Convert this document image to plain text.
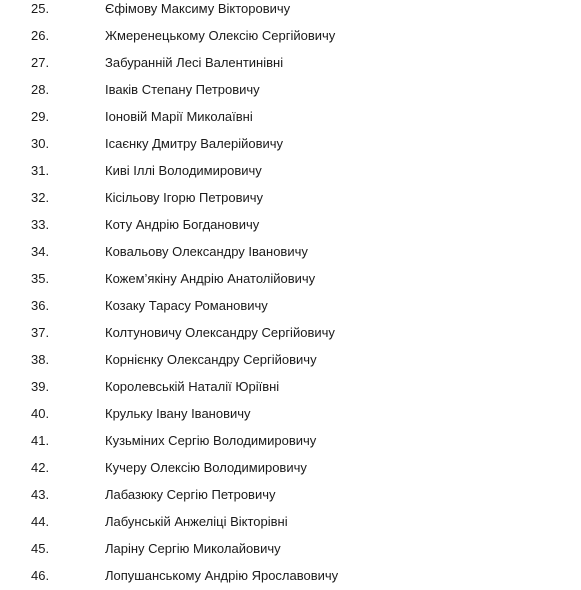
25.	Єфімову Максиму Вікторовичу
26.	Жмеренецькому Олексію Сергійовичу
27.	Забуранній Лесі Валентинівні
28.	Іваків Степану Петровичу
29.	Іоновій Марії Миколаївні
30.	Ісаєнку Дмитру Валерійовичу
31.	Киві Іллі Володимировичу
32.	Кісільову Ігорю Петровичу
33.	Коту Андрію Богдановичу
34.	Ковальову Олександру Івановичу
35.	Кожем’якіну Андрію Анатолійовичу
36.	Козаку Тарасу Романовичу
37.	Колтуновичу Олександру Сергійовичу
38.	Корнієнку Олександру Сергійовичу
39.	Королевській Наталії Юріївні
40.	Крульку Івану Івановичу
41.	Кузьміних Сергію Володимировичу
42.	Кучеру Олексію Володимировичу
43.	Лабазюку Сергію Петровичу
44.	Лабунській Анжеліці Вікторівні
45.	Ларіну Сергію Миколайовичу
46.	Лопушанському Андрію Ярославовичу
